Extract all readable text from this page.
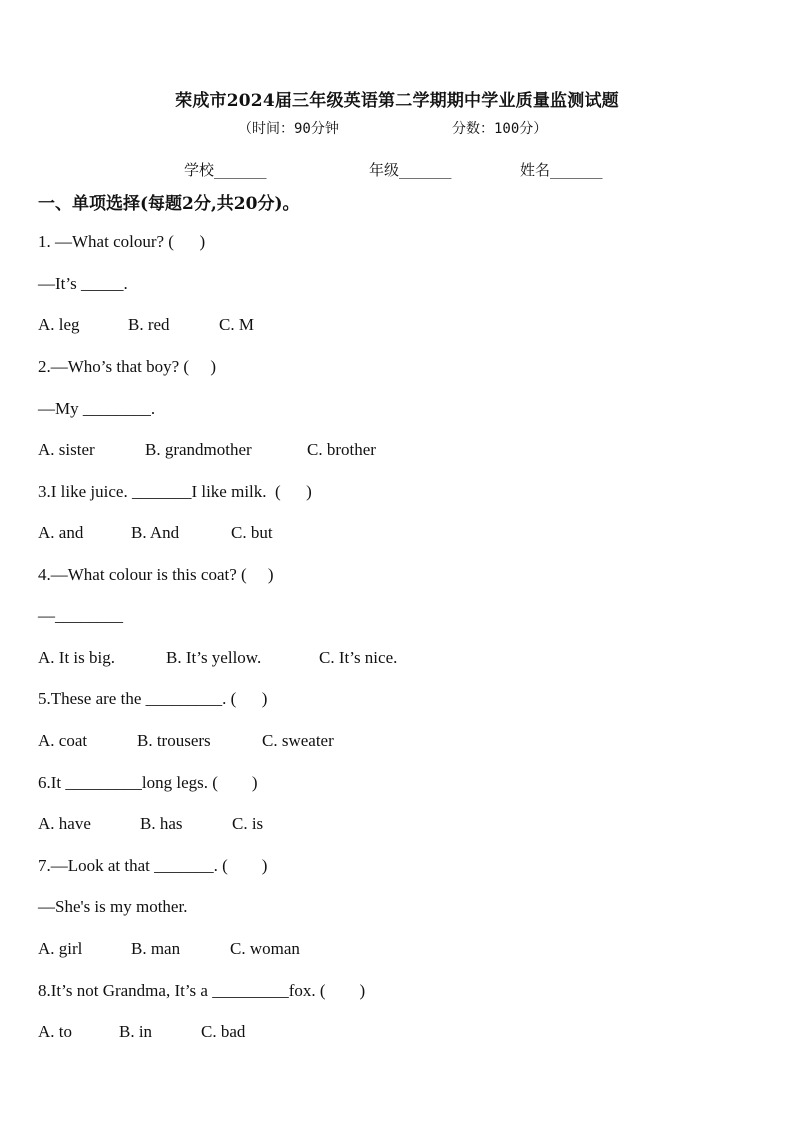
荣成市2024届三年级英语第二学期期中学业质量监测试题
（时间：90分钟	分数：100分）
学校_______	年级_______	姓名_______
一、单项选择(每题2分,共20分)。
1. —What colour? (      )
—It’s _____.
A. leg	B. red	C. M
2.—Who’s that boy? (     )
—My ________.
A. sister	B. grandmother	C. brother
3.I like juice. _______I like milk.  (      )
A. and	B. And	C. but
4.—What colour is this coat? (     )
—________
A. It is big.	B. It’s yellow.	C. It’s nice.
5.These are the _________. (      )
A. coat	B. trousers	C. sweater
6.It _________long legs. (        )
A. have	B. has	C. is
7.—Look at that _______. (        )
—She's is my mother.
A. girl	B. man	C. woman
8.It’s not Grandma, It’s a _________fox. (        )
A. to	B. in	C. bad
